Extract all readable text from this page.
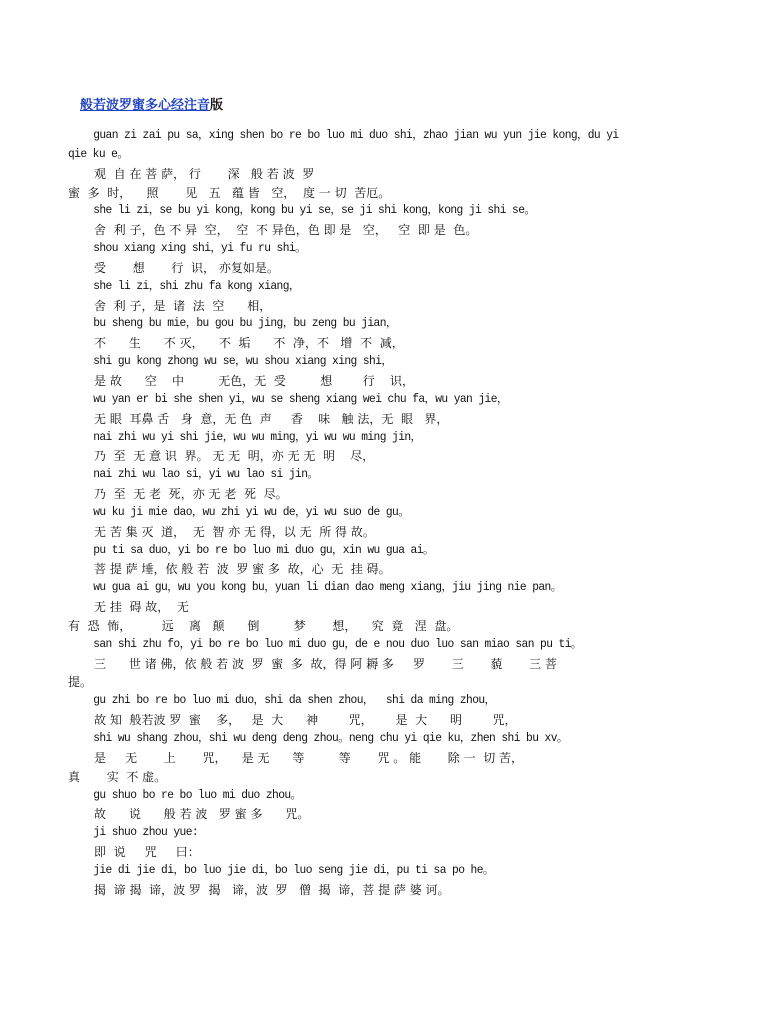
般若波罗蜜多心经注音版
guan zi zai pu sa，xing shen bo re bo luo mi duo shi，zhao jian wu yun jie kong，du yi
qie ku e。
观  自 在 菩 萨， 行       深   般 若 波  罗
蜜  多  时，    照       见   五   蕴 皆   空，  度 一 切  苦厄。
she li zi，se bu yi kong，kong bu yi se，se ji shi kong，kong ji shi se。
舍  利 子，色 不 异  空，  空  不 异色，色 即 是   空，   空  即 是  色。
shou xiang xing shi，yi fu ru shi。
受       想       行  识， 亦复如是。
she li zi，shi zhu fa kong xiang，
舍  利 子，是  诸  法  空      相，
bu sheng bu mie，bu gou bu jing，bu zeng bu jian，
不      生      不 灭，    不  垢      不  净，不   增  不  减，
shi gu kong zhong wu se，wu shou xiang xing shi，
是 故      空    中         无色，无  受         想        行    识，
wu yan er bi she shen yi，wu se sheng xiang wei chu fa，wu yan jie，
无 眼  耳鼻 舌   身  意，无 色  声     香    味   触 法，无  眼   界，
nai zhi wu yi shi jie，wu wu ming，yi wu wu ming jin，
乃  至  无 意 识  界。 无 无  明，亦 无 无  明    尽，
nai zhi wu lao si，yi wu lao si jin。
乃  至  无 老  死，亦 无 老  死  尽。
wu ku ji mie dao，wu zhi yi wu de，yi wu suo de gu。
无 苦 集 灭  道，  无  智 亦 无 得，以 无  所 得 故。
pu ti sa duo，yi bo re bo luo mi duo gu，xin wu gua ai。
菩 提 萨 埵，依 般 若  波  罗 蜜 多  故，心  无  挂 碍。
wu gua ai gu，wu you kong bu，yuan li dian dao meng xiang，jiu jing nie pan。
无 挂  碍 故，  无
有  恐  怖，        远    离   颠      倒         梦       想，    究  竟   涅  盘。
san shi zhu fo，yi bo re bo luo mi duo gu，de e nou duo luo san miao san pu ti。
三      世 诸 佛，依 般 若 波  罗  蜜  多  故，得 阿 耨 多     罗       三       藐       三 菩
提。
gu zhi bo re bo luo mi duo，shi da shen zhou，  shi da ming zhou，
故 知  般若波 罗  蜜    多，   是  大      神        咒，      是  大      明        咒，
shi wu shang zhou，shi wu deng deng zhou。neng chu yi qie ku，zhen shi bu xv。
是     无       上       咒，    是 无      等         等       咒 。 能       除 一  切 苦，
真       实  不 虚。
gu shuo bo re bo luo mi duo zhou。
故      说      般 若 波   罗 蜜 多      咒。
ji shuo zhou yue:
即  说     咒     曰：
jie di jie di，bo luo jie di，bo luo seng jie di，pu ti sa po he。
揭  谛 揭  谛，波 罗  揭   谛，波  罗   僧  揭  谛，菩 提 萨 婆 诃。
